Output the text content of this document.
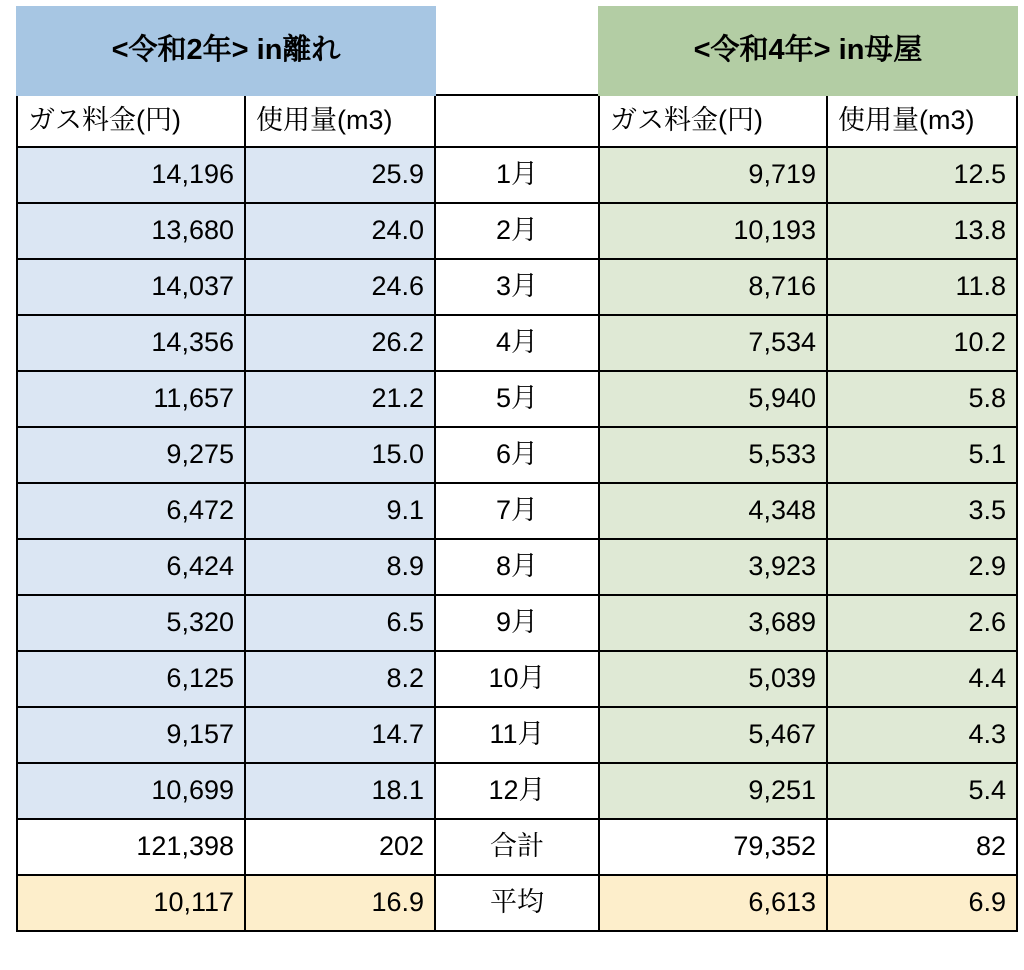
<令和2年> in離れ			<令和4年> in母屋	
ガス料金(円)	使用量(m3)		ガス料金(円)	使用量(m3)
14,196	25.9	1月	9,719	12.5
13,680	24.0	2月	10,193	13.8
14,037	24.6	3月	8,716	11.8
14,356	26.2	4月	7,534	10.2
11,657	21.2	5月	5,940	5.8
9,275	15.0	6月	5,533	5.1
6,472	9.1	7月	4,348	3.5
6,424	8.9	8月	3,923	2.9
5,320	6.5	9月	3,689	2.6
6,125	8.2	10月	5,039	4.4
9,157	14.7	11月	5,467	4.3
10,699	18.1	12月	9,251	5.4
121,398	202	合計	79,352	82
10,117	16.9	平均	6,613	6.9
